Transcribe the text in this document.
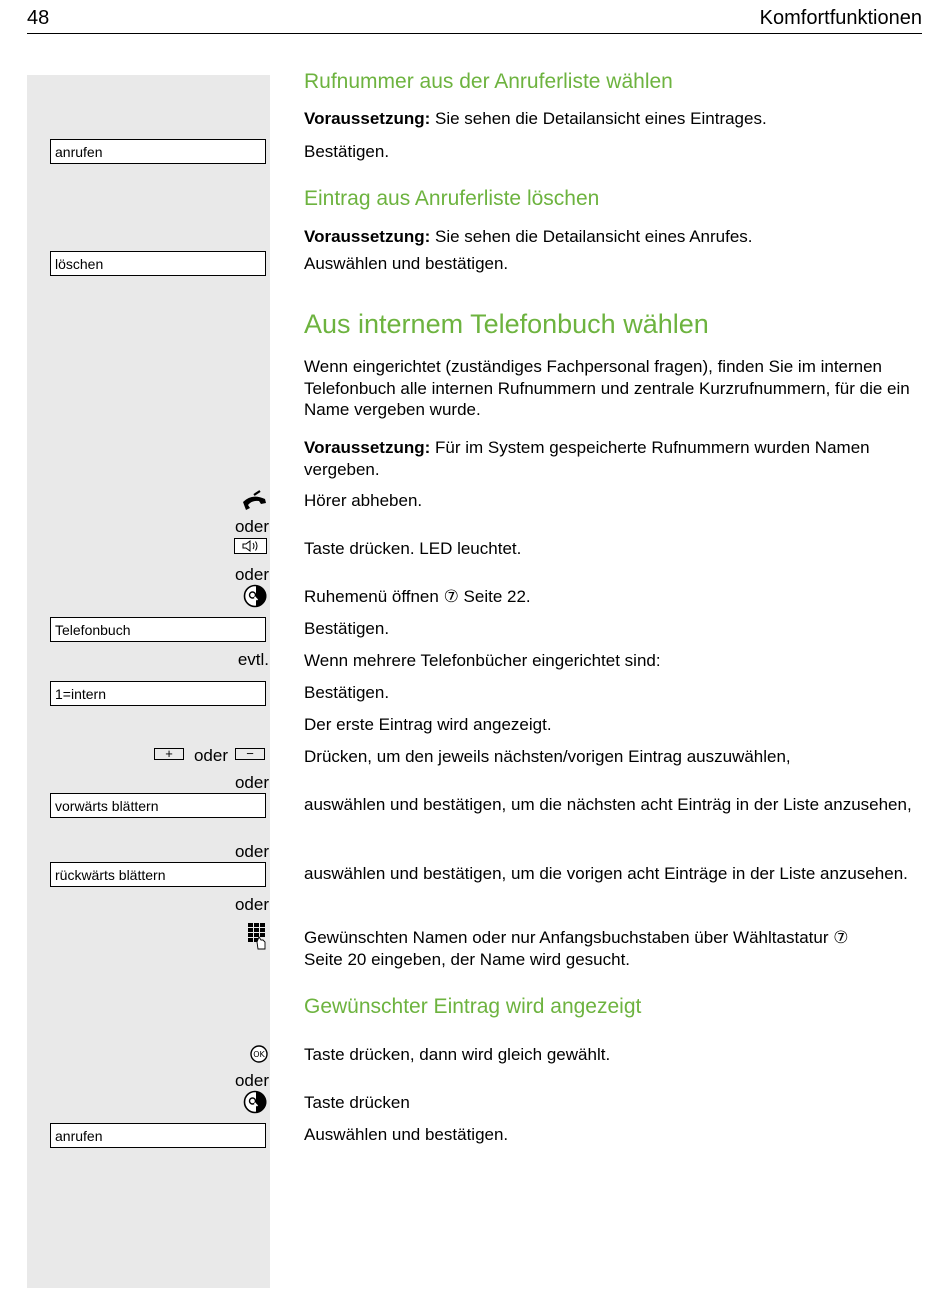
48	Komfortfunktionen
Rufnummer aus der Anruferliste wählen
Voraussetzung: Sie sehen die Detailansicht eines Eintrages.
anrufen	Bestätigen.
Eintrag aus Anruferliste löschen
Voraussetzung: Sie sehen die Detailansicht eines Anrufes.
löschen	Auswählen und bestätigen.
Aus internem Telefonbuch wählen
Wenn eingerichtet (zuständiges Fachpersonal fragen), finden Sie im internen Telefonbuch alle internen Rufnummern und zentrale Kurzrufnummern, für die ein Name vergeben wurde.
Voraussetzung: Für im System gespeicherte Rufnummern wurden Namen vergeben.
Hörer abheben.
oder
Taste drücken. LED leuchtet.
oder
Ruhemenü öffnen ⑦ Seite 22.
Telefonbuch	Bestätigen.
evtl. Wenn mehrere Telefonbücher eingerichtet sind:
1=intern	Bestätigen.
Der erste Eintrag wird angezeigt.
+	oder	−	Drücken, um den jeweils nächsten/vorigen Eintrag auszuwählen,
oder
vorwärts blättern	auswählen und bestätigen, um die nächsten acht Einträg in der Liste anzusehen,
oder
rückwärts blättern	auswählen und bestätigen, um die vorigen acht Einträge in der Liste anzusehen.
oder
Gewünschten Namen oder nur Anfangsbuchstaben über Wähltastatur ⑦ Seite 20 eingeben, der Name wird gesucht.
Gewünschter Eintrag wird angezeigt
OK Taste drücken, dann wird gleich gewählt.
oder
Taste drücken
anrufen	Auswählen und bestätigen.
